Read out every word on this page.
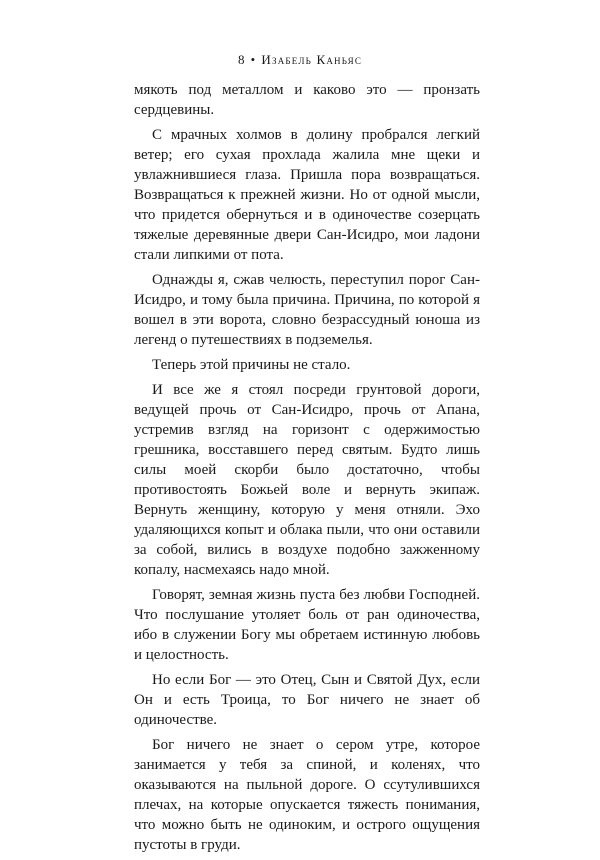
8 • Изабель Каньяс

мякоть под металлом и каково это — пронзать сердцевины.

С мрачных холмов в долину пробрался легкий ветер; его сухая прохлада жалила мне щеки и увлажнившиеся глаза. Пришла пора возвращаться. Возвращаться к прежней жизни. Но от одной мысли, что придется обернуться и в одиночестве созерцать тяжелые деревянные двери Сан-Исидро, мои ладони стали липкими от пота.

Однажды я, сжав челюсть, переступил порог Сан-Исидро, и тому была причина. Причина, по которой я вошел в эти ворота, словно безрассудный юноша из легенд о путешествиях в подземелья.

Теперь этой причины не стало.

И все же я стоял посреди грунтовой дороги, ведущей прочь от Сан-Исидро, прочь от Апана, устремив взгляд на горизонт с одержимостью грешника, восставшего перед святым. Будто лишь силы моей скорби было достаточно, чтобы противостоять Божьей воле и вернуть экипаж. Вернуть женщину, которую у меня отняли. Эхо удаляющихся копыт и облака пыли, что они оставили за собой, вились в воздухе подобно зажженному копалу, насмехаясь надо мной.

Говорят, земная жизнь пуста без любви Господней. Что послушание утоляет боль от ран одиночества, ибо в служении Богу мы обретаем истинную любовь и целостность.

Но если Бог — это Отец, Сын и Святой Дух, если Он и есть Троица, то Бог ничего не знает об одиночестве.

Бог ничего не знает о сером утре, которое занимается у тебя за спиной, и коленях, что оказываются на пыльной дороге. О ссутулившихся плечах, на которые опускается тяжесть понимания, что можно быть не одиноким, и острого ощущения пустоты в груди.
